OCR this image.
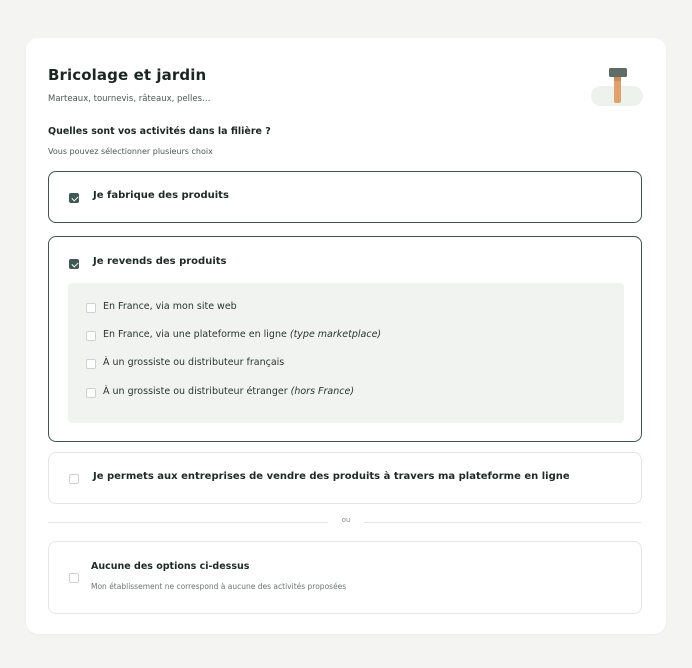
Bricolage et jardin
Marteaux, tournevis, râteaux, pelles…
Quelles sont vos activités dans la filière ?
Vous pouvez sélectionner plusieurs choix
Je fabrique des produits
Je revends des produits
En France, via mon site web
En France, via une plateforme en ligne (type marketplace)
À un grossiste ou distributeur français
À un grossiste ou distributeur étranger (hors France)
Je permets aux entreprises de vendre des produits à travers ma plateforme en ligne
ou
Aucune des options ci-dessus
Mon établissement ne correspond à aucune des activités proposées
